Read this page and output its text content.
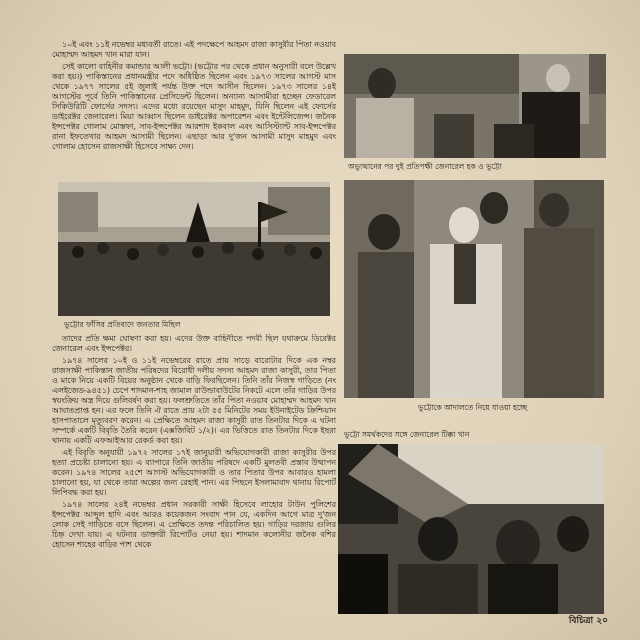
১০ই এবং ১১ই নভেম্বর মধ্যবর্তী রাতে। এই পদক্ষেপে আহমদ রাজা কাসুরীর পিতা নওয়াব মোহাম্মদ আহমদ খান মারা যান।

সেই কালো বাহিনীর কমান্ডার আলী ভট্টো। (ভট্টোর পর থেকে প্রধান অনুসারী বলে উল্লেখ করা হয়।) পাকিস্তানের প্রধানমন্ত্রীর পদে অধিষ্ঠিত ছিলেন এবং ১৯৭৩ সালের আগস্ট মাস থেকে ১৯৭৭ সালের ৫ই জুলাই পর্যন্ত উক্ত পদে আসীন ছিলেন। ১৯৭৩ সালের ১৪ই আগস্টের পূর্বে তিনি পাকিস্তানের প্রেসিডেন্ট ছিলেন। অন্যান্য আসামীরা হচ্ছেন ফেডারেল সিকিউরিটি ফোর্সের সদস্য। এদের মধ্যে রয়েছেন মাসুদ মাহমুদ, যিনি ছিলেন এই ফোর্সের ডাইরেক্টর জেনারেল। মিয়া আব্বাস ছিলেন ডাইরেক্টর অপারেশন এবং ইন্টেলিজেন্স। জনৈক ইন্সপেক্টর গোলাম মোস্তফা, সাব-ইন্সপেক্টর আরশাদ ইকবাল এবং আসিস্ট্যান্ট সাব-ইন্সপেক্টর রানা ইফতেখার আহমদ আসামী ছিলেন। এছাড়া আর দু'জন আসামী মাসুদ মাহমুদ এবং গোলাম হোসেন রাজসাক্ষী হিসেবে সাক্ষ্য দেন।

অভ্যুত্থানের পর দুই প্রতিপক্ষী জেনারেল হক ও ভুট্টো
ভুট্টোর ফাঁসির প্রতিবাদে জনতার মিছিল

তাদের প্রতি ক্ষমা ঘোষণা করা হয়। এদের উক্ত বাহিনীতে পদবী ছিল যথাক্রমে ডিরেক্টর জেনারেল এবং ইন্সপেক্টর।

১৯৭৪ সালের ১০ই ও ১১ই নভেম্বরের রাতে প্রায় সাড়ে বারোটার দিকে এক নম্বর রাজসাক্ষী পাকিস্তান জাতীয় পরিষদের বিরোধী দলীয় সদস্য আহমদ রাজা কাসুরী, তার পিতা ও মাকে নিয়ে একটি বিয়ের অনুষ্ঠান থেকে বাড়ি ফিরছিলেন। তিনি তাঁর নিজস্ব গাড়িতে (নং এলইজেড-৯৪৫১) চেপে শাদমান-শাহ জামাল রাউন্ডাবাউটের নিকটে এলে তাঁর গাড়ির উপর স্বয়ংক্রিয় অস্ত্র দিয়ে গুলিবর্ষণ করা হয়। ফলশ্রুতিতে তাঁর পিতা নওয়াব মোহাম্মদ আহমদ খান আঘাতপ্রাপ্ত হন। এর ফলে তিনি ঐ রাতে প্রায় ২টা ৫৫ মিনিটের সময় ইউনাইটেড ক্রিশ্চিয়ান হাসপাতালে মৃত্যুবরণ করেন। এ প্রেক্ষিতে আহমদ রাজা কাসুরী রাত তিনটার দিকে এ ঘটনা সম্পর্কে একটি বিবৃতি তৈরি করেন (এক্সজিবিট ১/২)। এর ভিত্তিতে রাত তিনটার দিকে ইছরা থানায় একটি এফআইআর রেকর্ড করা হয়।

এই বিবৃতি অনুযায়ী ১৯৭২ সালের ১৭ই জানুয়ারী অভিযোগকারী রাজা কাসুরীর উপর হত্যা প্রচেষ্টা চালানো হয়। এ ব্যাপারে তিনি জাতীয় পরিষদে একটি মুলতবী প্রস্তাব উত্থাপন করেন। ১৯৭৪ সালের ২৫শে আগস্ট অভিযোগকারী ও তার পিতার উপর আবারও হামলা চালানো হয়, যা থেকে তারা অল্পের জন্য রেহাই পান। এর পিছনে ইসলামাবাদ থানায় রিপোর্ট লিপিবদ্ধ করা হয়।

১৯৭৪ সালের ২৪ই নভেম্বর প্রধান সরকারী সাক্ষী হিসেবে লাহোর টাউন পুলিশের ইন্সপেক্টর আব্দুল হাদি এবং আরও কয়েকজন সংবাদ পান যে, একদিন আগে মাত্র দু'জন লোক সেই গাড়িতে বসে ছিলেন। এ প্রেক্ষিতে তদন্ত পরিচালিত হয়। গাড়ির দরজায় গুলির চিহ্ন দেখা যায়। এ ঘটনার ডাক্তারী রিপোর্টও নেয়া হয়। শাদমান কলোনীর জনৈক বশির হোসেন শাহের বাড়ির পাশ থেকে

ভুট্টোকে আদালতে নিয়ে যাওয়া হচ্ছে
ভুট্টো সমর্থকদের সঙ্গে জেনারেল টিক্কা খান
বিচিত্রা ২০
